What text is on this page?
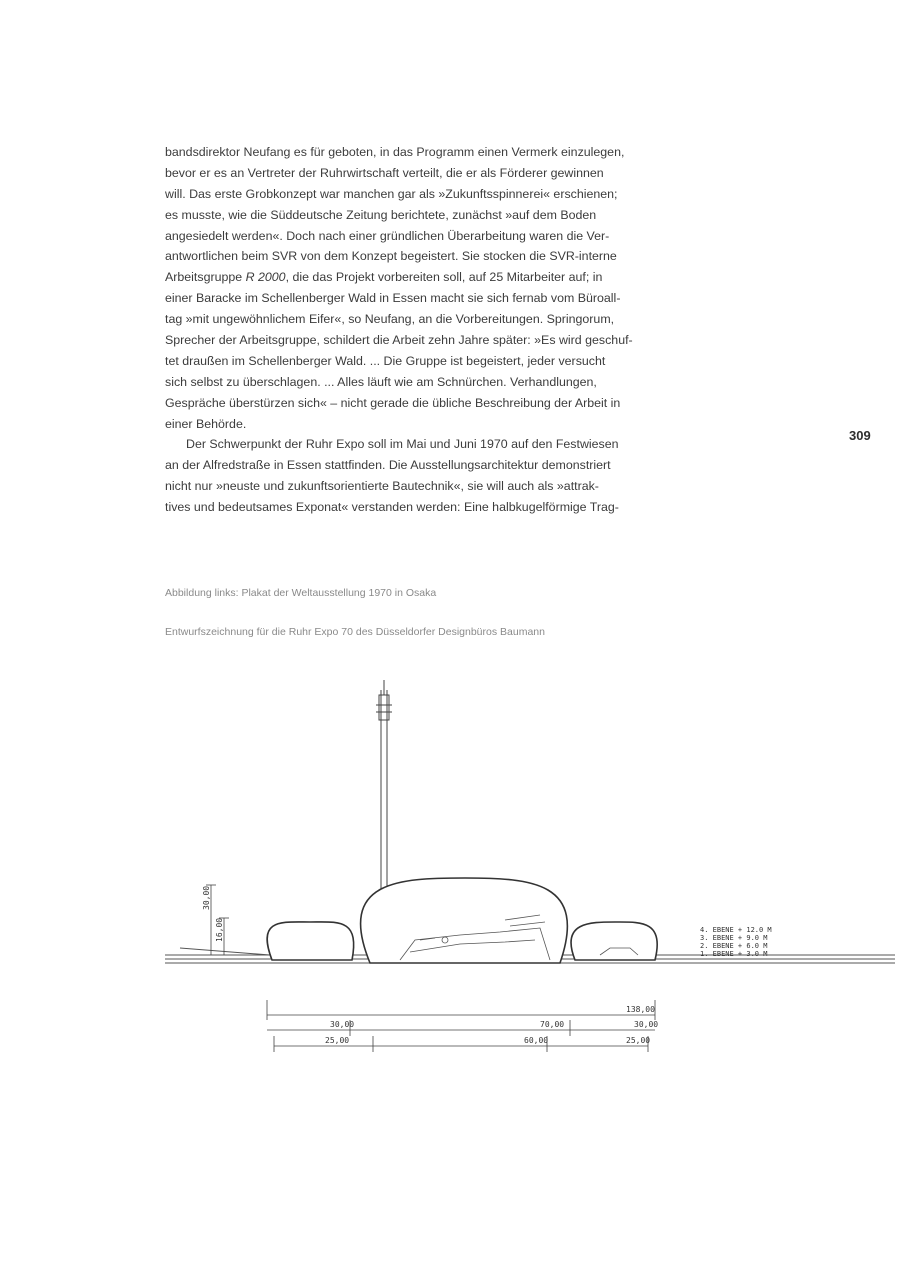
bandsdirektor Neufang es für geboten, in das Programm einen Vermerk einzulegen,
bevor er es an Vertreter der Ruhrwirtschaft verteilt, die er als Förderer gewinnen
will. Das erste Grobkonzept war manchen gar als »Zukunftsspinnerei« erschienen;
es musste, wie die Süddeutsche Zeitung berichtete, zunächst »auf dem Boden
angesiedelt werden«. Doch nach einer gründlichen Überarbeitung waren die Ver-
antwortlichen beim SVR von dem Konzept begeistert. Sie stocken die SVR-interne
Arbeitsgruppe R 2000, die das Projekt vorbereiten soll, auf 25 Mitarbeiter auf; in
einer Baracke im Schellenberger Wald in Essen macht sie sich fernab vom Büroall-
tag »mit ungewöhnlichem Eifer«, so Neufang, an die Vorbereitungen. Springorum,
Sprecher der Arbeitsgruppe, schildert die Arbeit zehn Jahre später: »Es wird geschuf-
tet draußen im Schellenberger Wald. ... Die Gruppe ist begeistert, jeder versucht
sich selbst zu überschlagen. ... Alles läuft wie am Schnürchen. Verhandlungen,
Gespräche überstürzen sich« – nicht gerade die übliche Beschreibung der Arbeit in
einer Behörde.
Der Schwerpunkt der Ruhr Expo soll im Mai und Juni 1970 auf den Festwiesen
an der Alfredstraße in Essen stattfinden. Die Ausstellungsarchitektur demonstriert
nicht nur »neuste und zukunftsorientierte Bautechnik«, sie will auch als »attrak-
tives und bedeutsames Exponat« verstanden werden: Eine halbkugelförmige Trag-
309
Abbildung links: Plakat der Weltausstellung 1970 in Osaka
Entwurfszeichnung für die Ruhr Expo 70 des Düsseldorfer Designbüros Baumann
30,00
16,00	4. EBENE + 12.0 M
3. EBENE + 9.0 M
2. EBENE + 6.0 M
1. EBENE + 3.0 M
138,00
30,00	70,00	30,00
25,00	60,00	25,00
